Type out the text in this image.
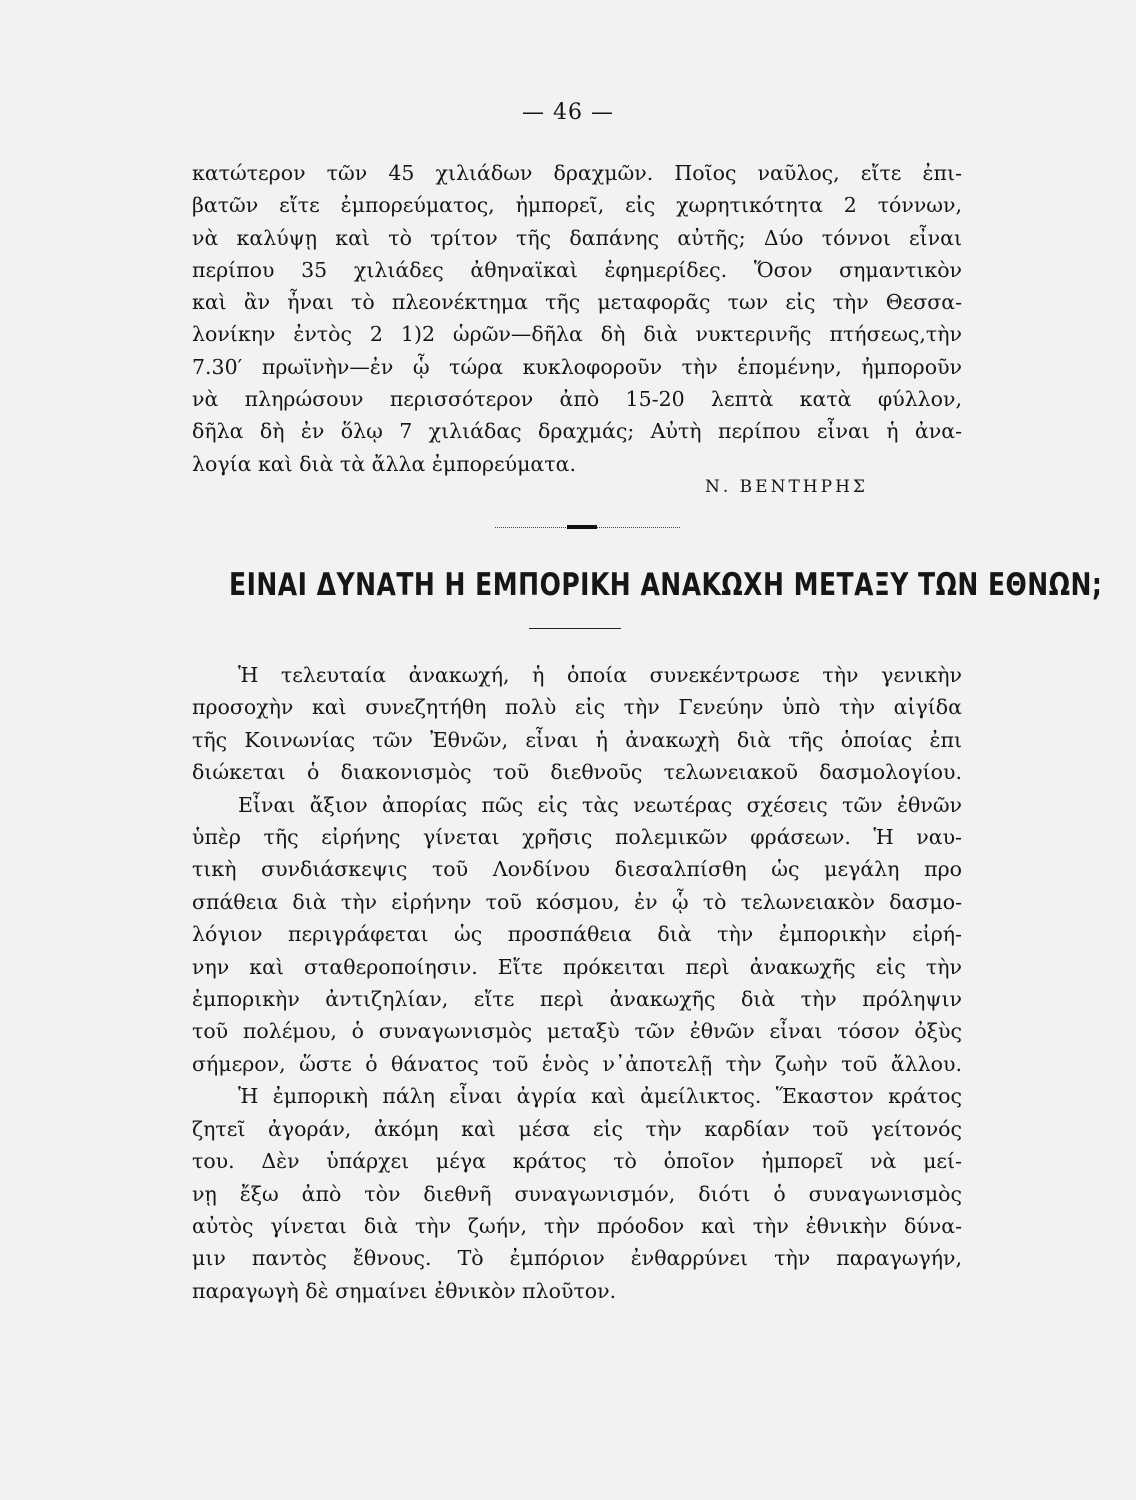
— 46 —
κατώτερον τῶν 45 χιλιάδων δραχμῶν. Ποῖος ναῦλος, εἴτε ἐπι-
βατῶν εἴτε ἐμπορεύματος, ἠμπορεῖ, εἰς χωρητικότητα 2 τόννων,
νὰ καλύψῃ καὶ τὸ τρίτον τῆς δαπάνης αὐτῆς; Δύο τόννοι εἶναι
περίπου 35 χιλιάδες ἀθηναϊκαὶ ἐφημερίδες. Ὅσον σημαντικὸν
καὶ ἂν ἦναι τὸ πλεονέκτημα τῆς μεταφορᾶς των εἰς τὴν Θεσσα-
λονίκην ἐντὸς 2 1)2 ὡρῶν—δῆλα δὴ διὰ νυκτερινῆς πτήσεως,τὴν
7.30′ πρωϊνὴν—ἐν ᾧ τώρα κυκλοφοροῦν τὴν ἑπομένην, ἠμποροῦν
νὰ πληρώσουν περισσότερον ἀπὸ 15-20 λεπτὰ κατὰ φύλλον,
δῆλα δὴ ἐν ὅλῳ 7 χιλιάδας δραχμάς; Αὐτὴ περίπου εἶναι ἡ ἀνα-
λογία καὶ διὰ τὰ ἄλλα ἐμπορεύματα.
Ν. ΒΕΝΤΗΡΗΣ
ΕΙΝΑΙ ΔΥΝΑΤΗ Η ΕΜΠΟΡΙΚΗ ΑΝΑΚΩΧΗ ΜΕΤΑΞΥ ΤΩΝ ΕΘΝΩΝ;
Ἡ τελευταία ἀνακωχή, ἡ ὁποία συνεκέντρωσε τὴν γενικὴν
προσοχὴν καὶ συνεζητήθη πολὺ εἰς τὴν Γενεύην ὑπὸ τὴν αἰγίδα
τῆς Κοινωνίας τῶν Ἐθνῶν, εἶναι ἡ ἀνακωχὴ διὰ τῆς ὁποίας ἐπι
διώκεται ὁ διακονισμὸς τοῦ διεθνοῦς τελωνειακοῦ δασμολογίου.
Εἶναι ἄξιον ἀπορίας πῶς εἰς τὰς νεωτέρας σχέσεις τῶν ἐθνῶν
ὑπὲρ τῆς εἰρήνης γίνεται χρῆσις πολεμικῶν φράσεων. Ἡ ναυ-
τικὴ συνδιάσκεψις τοῦ Λονδίνου διεσαλπίσθη ὡς μεγάλη προ
σπάθεια διὰ τὴν εἰρήνην τοῦ κόσμου, ἐν ᾧ τὸ τελωνειακὸν δασμο-
λόγιον περιγράφεται ὡς προσπάθεια διὰ τὴν ἐμπορικὴν εἰρή-
νην καὶ σταθεροποίησιν. Εἴτε πρόκειται περὶ ἀνακωχῆς εἰς τὴν
ἐμπορικὴν ἀντιζηλίαν, εἴτε περὶ ἀνακωχῆς διὰ τὴν πρόληψιν
τοῦ πολέμου, ὁ συναγωνισμὸς μεταξὺ τῶν ἐθνῶν εἶναι τόσον ὀξὺς
σήμερον, ὥστε ὁ θάνατος τοῦ ἑνὸς ν᾽ἀποτελῇ τὴν ζωὴν τοῦ ἄλλου.
Ἡ ἐμπορικὴ πάλη εἶναι ἀγρία καὶ ἀμείλικτος. Ἕκαστον κράτος
ζητεῖ ἀγοράν, ἀκόμη καὶ μέσα εἰς τὴν καρδίαν τοῦ γείτονός
του. Δὲν ὑπάρχει μέγα κράτος τὸ ὁποῖον ἠμπορεῖ νὰ μεί-
νῃ ἔξω ἀπὸ τὸν διεθνῆ συναγωνισμόν, διότι ὁ συναγωνισμὸς
αὐτὸς γίνεται διὰ τὴν ζωήν, τὴν πρόοδον καὶ τὴν ἐθνικὴν δύνα-
μιν παντὸς ἔθνους. Τὸ ἐμπόριον ἐνθαρρύνει τὴν παραγωγήν,
παραγωγὴ δὲ σημαίνει ἐθνικὸν πλοῦτον.
